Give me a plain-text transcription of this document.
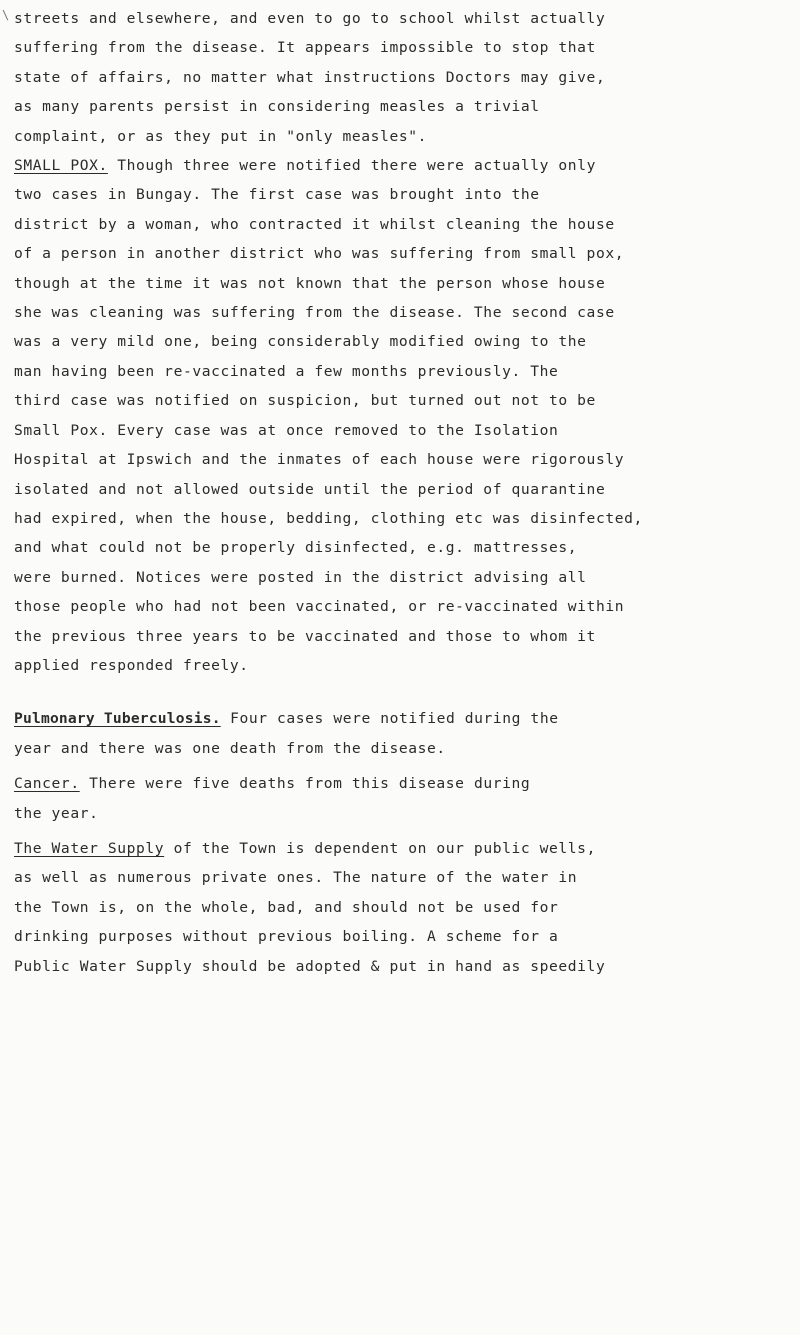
\ streets and elsewhere, and even to go to school whilst actually
suffering from the disease. It appears impossible to stop that
state of affairs, no matter what instructions Doctors may give,
as many parents persist in considering measles a trivial
complaint, or as they put in "only measles".
SMALL POX. Though three were notified there were actually only
two cases in Bungay. The first case was brought into the
district by a woman, who contracted it whilst cleaning the house
of a person in another district who was suffering from small pox,
though at the time it was not known that the person whose house
she was cleaning was suffering from the disease. The second case
was a very mild one, being considerably modified owing to the
man having been re-vaccinated a few months previously. The
third case was notified on suspicion, but turned out not to be
Small Pox. Every case was at once removed to the Isolation
Hospital at Ipswich and the inmates of each house were rigorously
isolated and not allowed outside until the period of quarantine
had expired, when the house, bedding, clothing etc was disinfected,
and what could not be properly disinfected, e.g. mattresses,
were burned. Notices were posted in the district advising all
those people who had not been vaccinated, or re-vaccinated within
the previous three years to be vaccinated and those to whom it
applied responded freely.
Pulmonary Tuberculosis. Four cases were notified during the
year and there was one death from the disease.
Cancer. There were five deaths from this disease during
the year.
The Water Supply of the Town is dependent on our public wells,
as well as numerous private ones. The nature of the water in
the Town is, on the whole, bad, and should not be used for
drinking purposes without previous boiling. A scheme for a
Public Water Supply should be adopted & put in hand as speedily
